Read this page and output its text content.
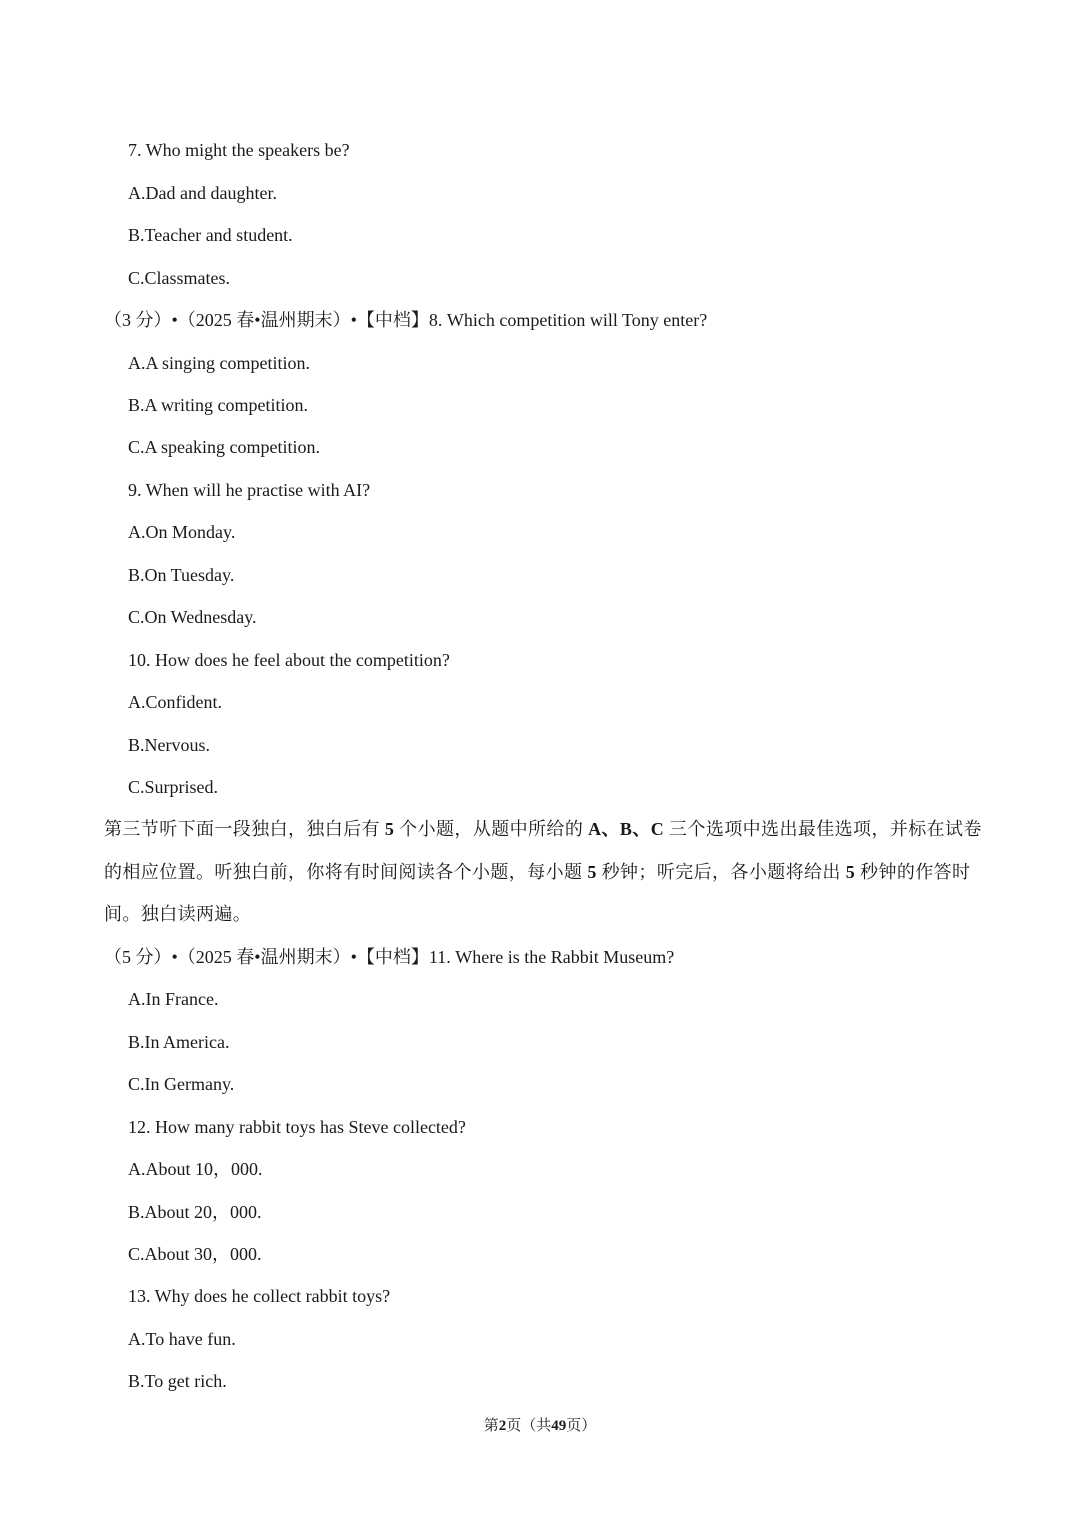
7. Who might the speakers be?
A.Dad and daughter.
B.Teacher and student.
C.Classmates.
（3 分）•（2025 春•温州期末）•【中档】8. Which competition will Tony enter?
A.A singing competition.
B.A writing competition.
C.A speaking competition.
9. When will he practise with AI?
A.On Monday.
B.On Tuesday.
C.On Wednesday.
10. How does he feel about the competition?
A.Confident.
B.Nervous.
C.Surprised.
第三节听下面一段独白，独白后有 5 个小题，从题中所给的 A、B、C 三个选项中选出最佳选项，并标在试卷的相应位置。听独白前，你将有时间阅读各个小题，每小题 5 秒钟；听完后，各小题将给出 5 秒钟的作答时间。独白读两遍。
（5 分）•（2025 春•温州期末）•【中档】11. Where is the Rabbit Museum?
A.In France.
B.In America.
C.In Germany.
12. How many rabbit toys has Steve collected?
A.About 10，000.
B.About 20，000.
C.About 30，000.
13. Why does he collect rabbit toys?
A.To have fun.
B.To get rich.
第2页（共49页）
